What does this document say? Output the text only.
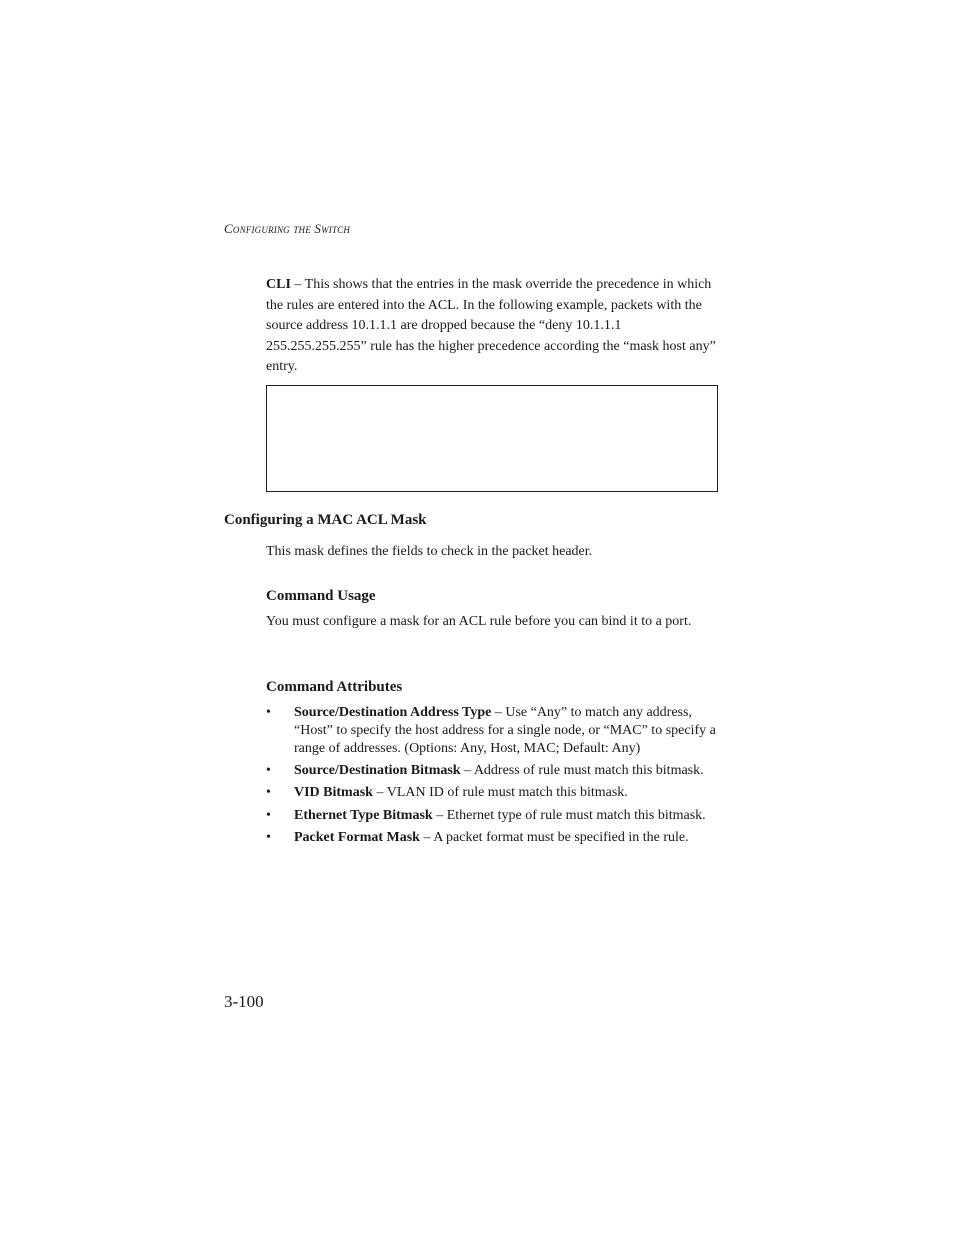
Configuring the Switch

CLI – This shows that the entries in the mask override the precedence in which the rules are entered into the ACL. In the following example, packets with the source address 10.1.1.1 are dropped because the “deny 10.1.1.1 255.255.255.255” rule has the higher precedence according the “mask host any” entry.

Configuring a MAC ACL Mask

This mask defines the fields to check in the packet header.

Command Usage

You must configure a mask for an ACL rule before you can bind it to a port.

Command Attributes
• Source/Destination Address Type – Use “Any” to match any address, “Host” to specify the host address for a single node, or “MAC” to specify a range of addresses. (Options: Any, Host, MAC; Default: Any)
• Source/Destination Bitmask – Address of rule must match this bitmask.
• VID Bitmask – VLAN ID of rule must match this bitmask.
• Ethernet Type Bitmask – Ethernet type of rule must match this bitmask.
• Packet Format Mask – A packet format must be specified in the rule.
3-100
